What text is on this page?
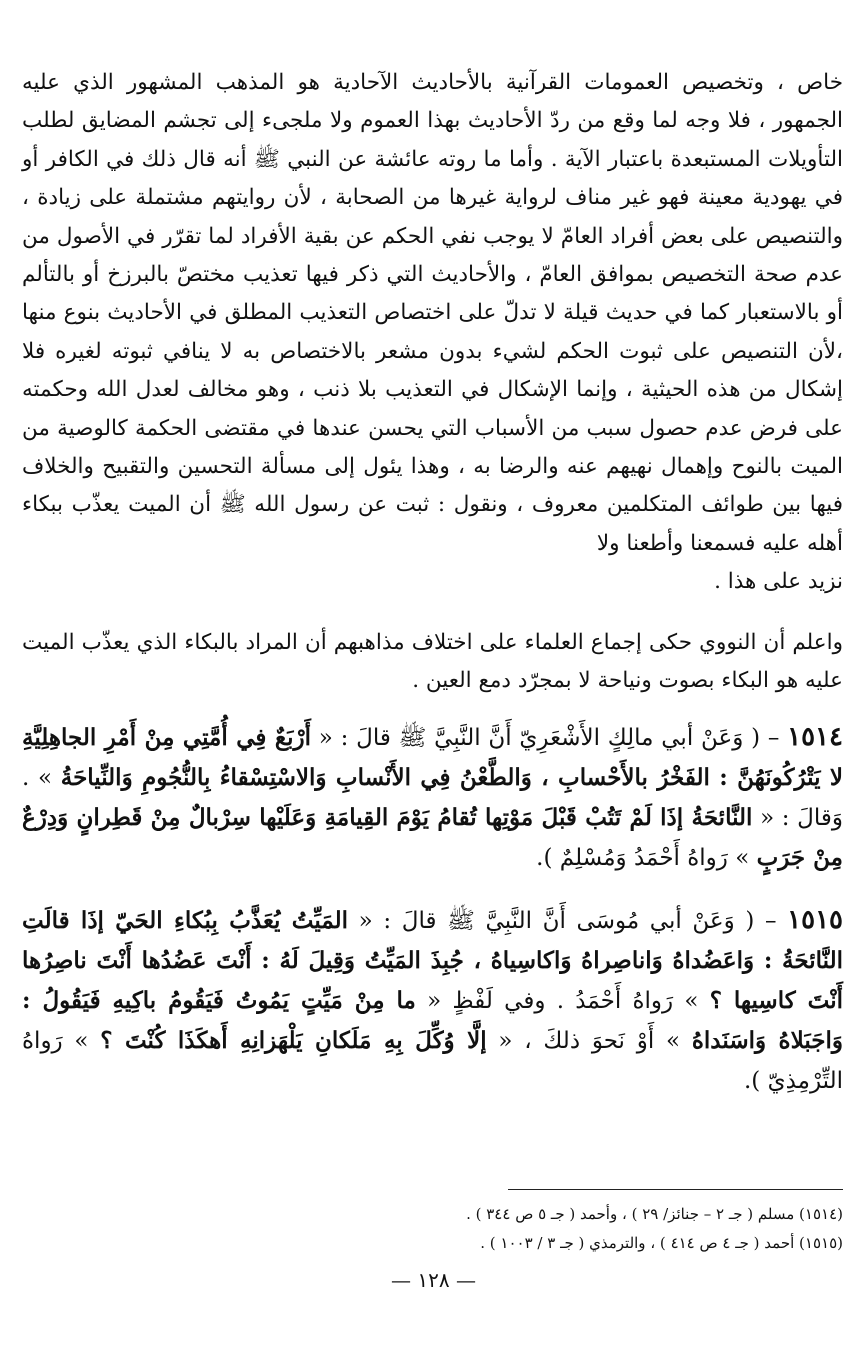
خاص ، وتخصيص العمومات القرآنية بالأحاديث الآحادية هو المذهب المشهور الذي عليه الجمهور ، فلا وجه لما وقع من ردّ الأحاديث بهذا العموم ولا ملجىء إلى تجشم المضايق لطلب التأويلات المستبعدة باعتبار الآية . وأما ما روته عائشة عن النبي ﷺ أنه قال ذلك في الكافر أو في يهودية معينة فهو غير مناف لرواية غيرها من الصحابة ، لأن روايتهم مشتملة على زيادة ، والتنصيص على بعض أفراد العامّ لا يوجب نفي الحكم عن بقية الأفراد لما تقرّر في الأصول من عدم صحة التخصيص بموافق العامّ ، والأحاديث التي ذكر فيها تعذيب مختصّ بالبرزخ أو بالتألم أو بالاستعبار كما في حديث قيلة لا تدلّ على اختصاص التعذيب المطلق في الأحاديث بنوع منها ،لأن التنصيص على ثبوت الحكم لشيء بدون مشعر بالاختصاص به لا ينافي ثبوته لغيره فلا إشكال من هذه الحيثية ، وإنما الإشكال في التعذيب بلا ذنب ، وهو مخالف لعدل الله وحكمته على فرض عدم حصول سبب من الأسباب التي يحسن عندها في مقتضى الحكمة كالوصية من الميت بالنوح وإهمال نهيهم عنه والرضا به ، وهذا يئول إلى مسألة التحسين والتقبيح والخلاف فيها بين طوائف المتكلمين معروف ، ونقول : ثبت عن رسول الله ﷺ أن الميت يعذّب ببكاء أهله عليه فسمعنا وأطعنا ولا

نزيد على هذا .

واعلم أن النووي حكى إجماع العلماء على اختلاف مذاهبهم أن المراد بالبكاء الذي يعذّب الميت عليه هو البكاء بصوت ونياحة لا بمجرّد دمع العين .

١٥١٤ – ( وَعَنْ أبي مالِكٍ الأَشْعَرِيّ أَنَّ النَّبِيَّ ﷺ قالَ : « أَرْبَعٌ فِي أُمَّتِي مِنْ أَمْرِ الجاهِلِيَّةِ لا يَتْرُكُونَهُنَّ : الفَخْرُ بالأَحْسابِ ، وَالطَّعْنُ فِي الأَنْسابِ وَالاسْتِسْقاءُ بِالنُّجُومِ وَالنِّياحَةُ » . وَقالَ : « النَّائحَةُ إذَا لَمْ تَتُبْ قَبْلَ مَوْتِها تُقامُ يَوْمَ القِيامَةِ وَعَلَيْها سِرْبالٌ مِنْ قَطِرانٍ وَدِرْعٌ مِنْ جَرَبٍ » رَواهُ أَحْمَدُ وَمُسْلِمٌ ).

١٥١٥ – ( وَعَنْ أبي مُوسَى أَنَّ النَّبِيَّ ﷺ قالَ : « المَيِّتُ يُعَذَّبُ بِبُكاءِ الحَيّ إذَا قالَتِ النَّائحَةُ : وَاعَضُداهُ وَاناصِراهُ وَاكاسِياهُ ، جُبِذَ المَيِّتُ وَقِيلَ لَهُ : أَنْتَ عَضُدُها أَنْتَ ناصِرُها أَنْتَ كاسِيها ؟ » رَواهُ أَحْمَدُ . وفي لَفْظٍ « ما مِنْ مَيِّتٍ يَمُوتُ فَيَقُومُ باكِيهِ فَيَقُولُ : وَاجَبَلاهُ وَاسَنَداهُ » أَوْ نَحوَ ذلكَ ، « إلَّا وُكِّلَ بِهِ مَلَكانِ يَلْهَزانِهِ أَهكَذَا كُنْتَ ؟ » رَواهُ التِّرْمِذِيّ ).

(١٥١٤) مسلم ( جـ ٢ – جنائز/ ٢٩ ) ، وأحمد ( جـ ٥ ص ٣٤٤ ) .

(١٥١٥) أحمد ( جـ ٤ ص ٤١٤ ) ، والترمذي ( جـ ٣ / ١٠٠٣ ) .

— ١٢٨ —
